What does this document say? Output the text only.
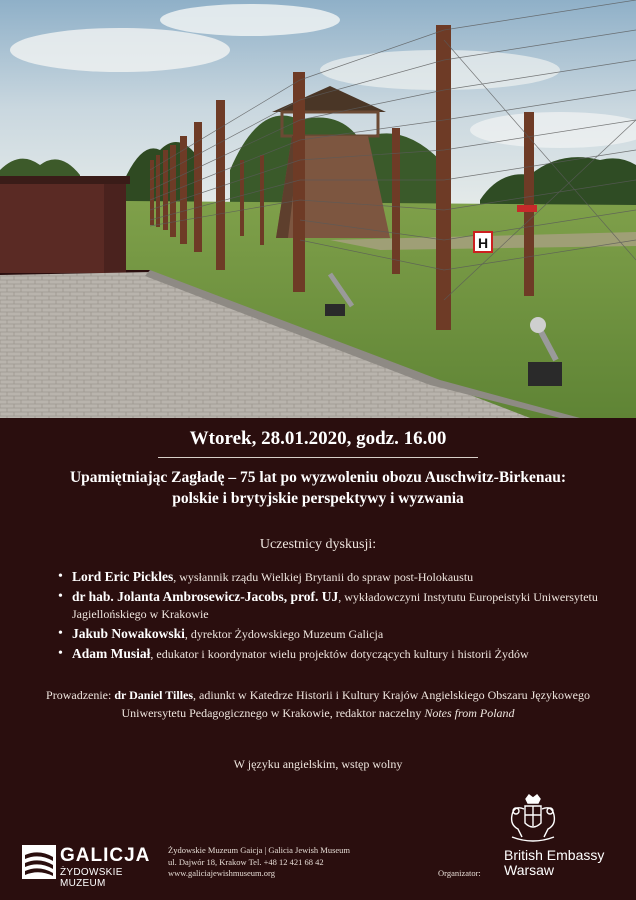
H
Wtorek, 28.01.2020, godz. 16.00
Upamiętniając Zagładę – 75 lat po wyzwoleniu obozu Auschwitz-Birkenau:
polskie i brytyjskie perspektywy i wyzwania
Uczestnicy dyskusji:
• Lord Eric Pickles, wysłannik rządu Wielkiej Brytanii do spraw post-Holokaustu
• dr hab. Jolanta Ambrosewicz-Jacobs, prof. UJ, wykładowczyni Instytutu Europeistyki Uniwersytetu Jagiellońskiego w Krakowie
• Jakub Nowakowski, dyrektor Żydowskiego Muzeum Galicja
• Adam Musiał, edukator i koordynator wielu projektów dotyczących kultury i historii Żydów
Prowadzenie: dr Daniel Tilles, adiunkt w Katedrze Historii i Kultury Krajów Angielskiego Obszaru Językowego Uniwersytetu Pedagogicznego w Krakowie, redaktor naczelny Notes from Poland
W języku angielskim, wstęp wolny
GALICJA
ŻYDOWSKIE MUZEUM
Żydowskie Muzeum Gaicja | Galicia Jewish Museum
ul. Dajwór 18, Krakow Tel. +48 12 421 68 42
www.galiciajewishmuseum.org	Organizator:
British Embassy
Warsaw
